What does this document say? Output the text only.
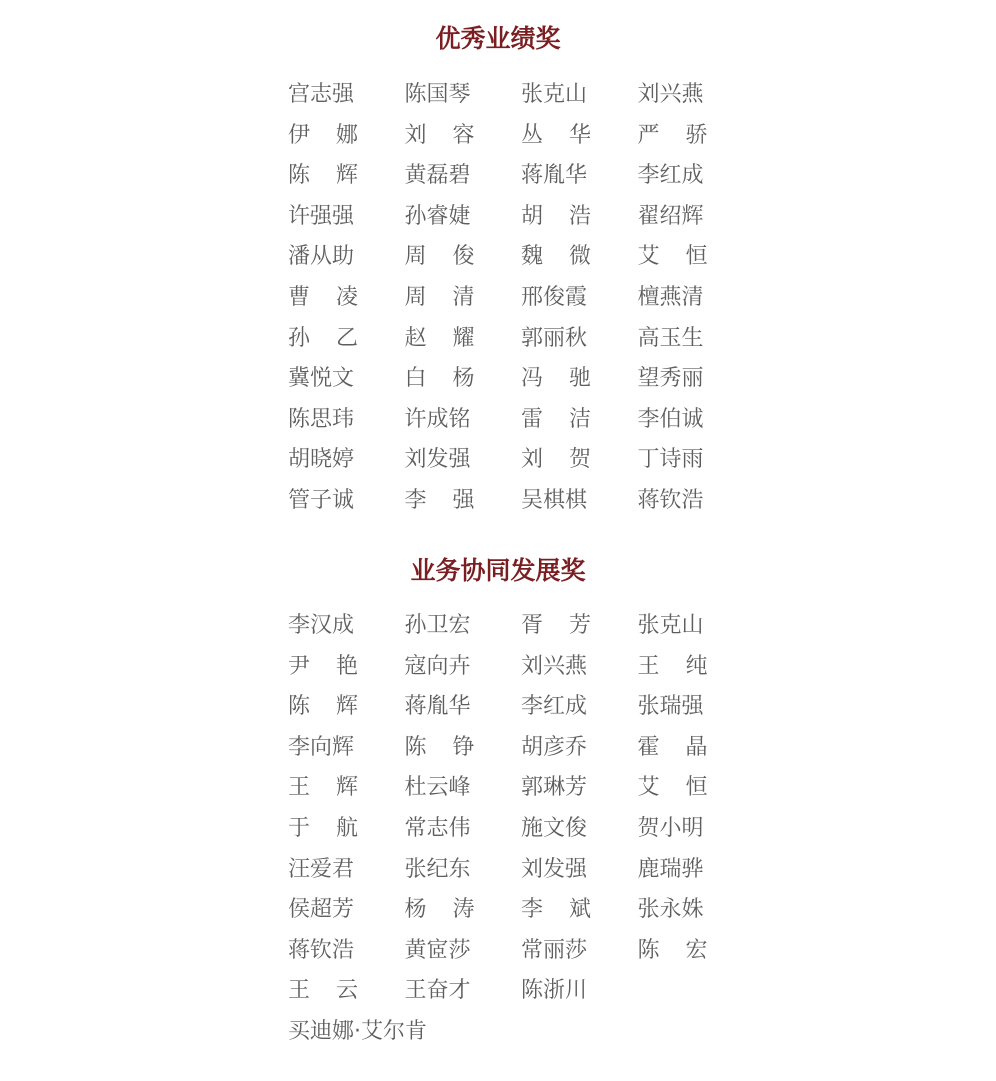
优秀业绩奖
宫志强 陈国琴 张克山 刘兴燕
伊 娜 刘 容 丛 华 严 骄
陈 辉 黄磊碧 蒋胤华 李红成
许强强 孙睿婕 胡 浩 翟绍辉
潘从助 周 俊 魏 微 艾 恒
曹 凌 周 清 邢俊霞 檀燕清
孙 乙 赵 耀 郭丽秋 高玉生
冀悦文 白 杨 冯 驰 望秀丽
陈思玮 许成铭 雷 洁 李伯诚
胡晓婷 刘发强 刘 贺 丁诗雨
管子诚 李 强 吴棋棋 蒋钦浩
业务协同发展奖
李汉成 孙卫宏 胥 芳 张克山
尹 艳 寇向卉 刘兴燕 王 纯
陈 辉 蒋胤华 李红成 张瑞强
李向辉 陈 铮 胡彦乔 霍 晶
王 辉 杜云峰 郭琳芳 艾 恒
于 航 常志伟 施文俊 贺小明
汪爱君 张纪东 刘发强 鹿瑞骅
侯超芳 杨 涛 李 斌 张永姝
蒋钦浩 黄宧莎 常丽莎 陈 宏
王 云 王奋才 陈浙川
买迪娜·艾尔肯
